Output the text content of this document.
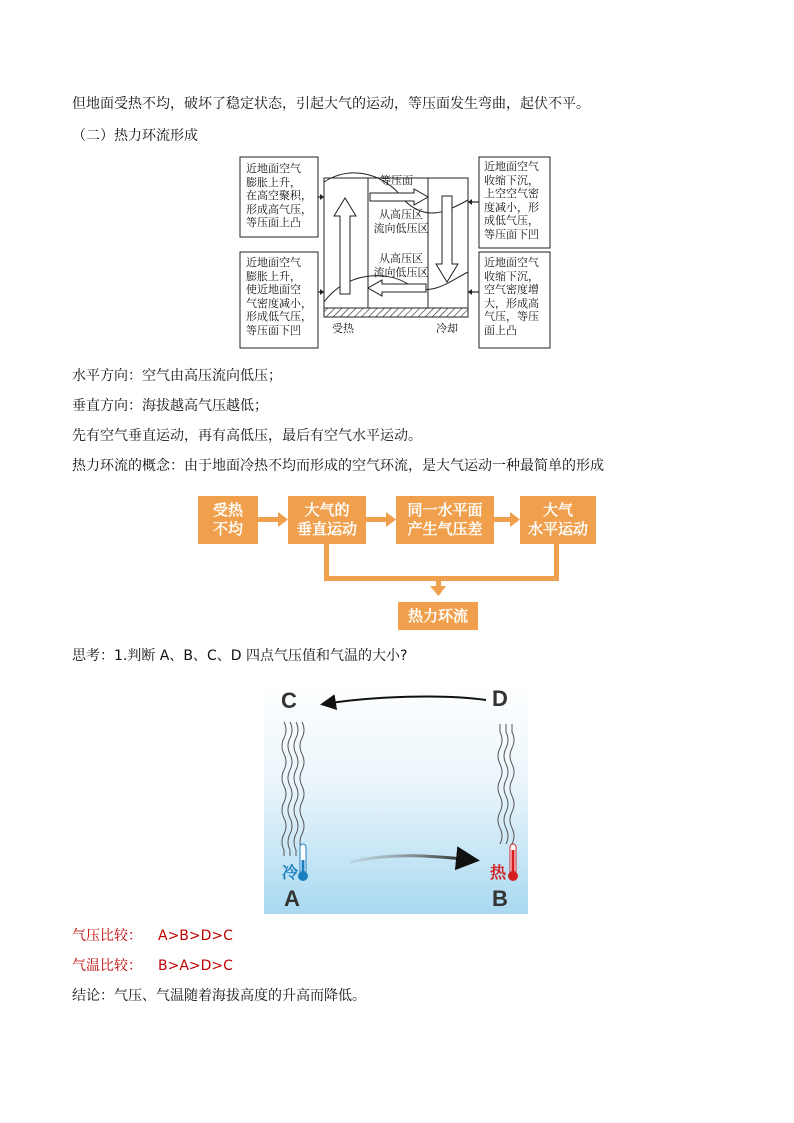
但地面受热不均，破坏了稳定状态，引起大气的运动，等压面发生弯曲，起伏不平。
（二）热力环流形成
近地面空气
膨胀上升，
在高空聚积，
形成高气压，
等压面上凸
近地面空气
膨胀上升，
使近地面空
气密度减小，
形成低气压，
等压面下凹
近地面空气
收缩下沉，
上空空气密
度减小，形
成低气压，
等压面下凹
近地面空气
收缩下沉，
空气密度增
大，形成高
气压，等压
面上凸
等压面
从高压区
流向低压区
从高压区
流向低压区
受热	冷却
水平方向：空气由高压流向低压；
垂直方向：海拔越高气压越低；
先有空气垂直运动，再有高低压，最后有空气水平运动。
热力环流的概念：由于地面冷热不均而形成的空气环流，是大气运动一种最简单的形成
受热
不均
大气的
垂直运动
同一水平面
产生气压差
大气
水平运动
热力环流
思考：1.判断 A、B、C、D 四点气压值和气温的大小?
C	D
A	B
冷	热
气压比较： A>B>D>C
气温比较： B>A>D>C
结论：气压、气温随着海拔高度的升高而降低。
